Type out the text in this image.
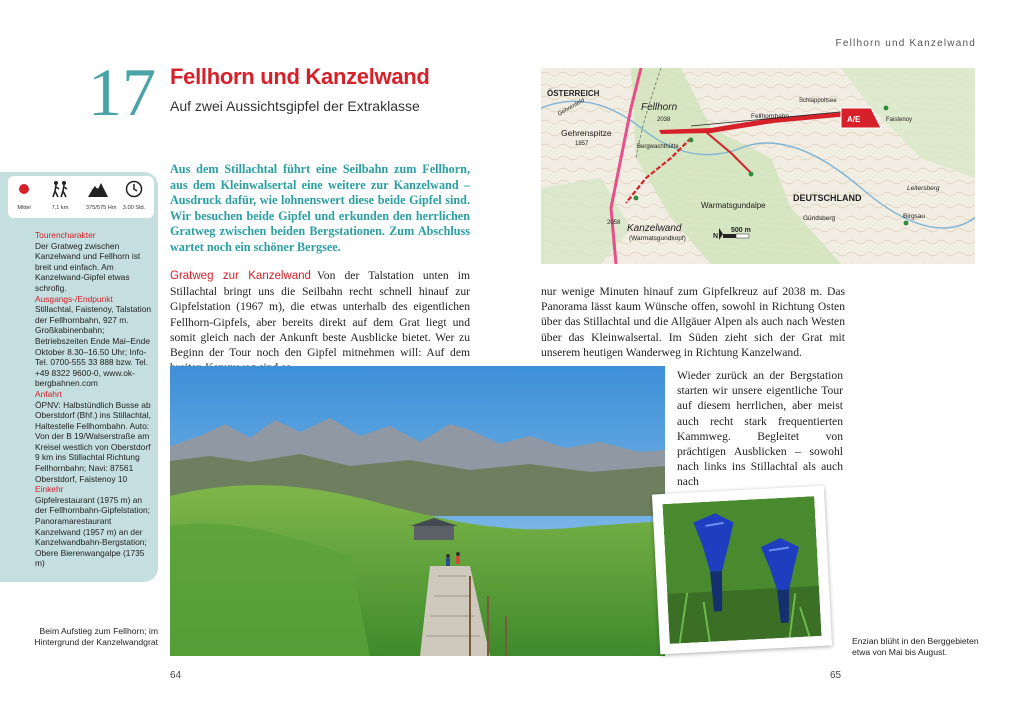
Fellhorn und Kanzelwand
17 Fellhorn und Kanzelwand
Auf zwei Aussichtsgipfel der Extraklasse
Mittel	7,1 km	375/575 Hm 3.00 Std.

Tourencharakter

Der Gratweg zwischen Kanzelwand und Fellhorn ist breit und einfach. Am Kanzelwand-Gipfel etwas schrofig.

Ausgangs-/Endpunkt

Stillachtal, Faistenoy, Talstation der Fellhornbahn, 927 m. Großkabinenbahn; Betriebszeiten Ende Mai–Ende Oktober 8.30–16.50 Uhr; Info-Tel. 0700-555 33 888 bzw. Tel. +49 8322 9600-0, www.ok-bergbahnen.com

Anfahrt

ÖPNV: Halbstündlich Busse ab Oberstdorf (Bhf.) ins Stillachtal, Haltestelle Fellhornbahn. Auto: Von der B 19/Walserstraße am Kreisel westlich von Oberstdorf 9 km ins Stillachtal Richtung Fellhornbahn; Navi: 87561 Oberstdorf, Faistenoy 10

Einkehr

Gipfelrestaurant (1975 m) an der Fellhornbahn-Gipfelstation; Panoramarestaurant Kanzelwand (1957 m) an der Kanzelwandbahn-Bergstation; Obere Bierenwangalpe (1735 m)

Aus dem Stillachtal führt eine Seilbahn zum Fellhorn, aus dem Kleinwalsertal eine weitere zur Kanzelwand – Ausdruck dafür, wie lohnenswert diese beide Gipfel sind. Wir besuchen beide Gipfel und erkunden den herrlichen Gratweg zwischen beiden Bergstationen. Zum Abschluss wartet noch ein schöner Bergsee.
Gratweg zur Kanzelwand Von der Talstation unten im Stillachtal bringt uns die Seilbahn recht schnell hinauf zur Gipfelstation (1967 m), die etwas unterhalb des eigentlichen Fellhorn-Gipfels, aber bereits direkt auf dem Grat liegt und somit gleich nach der Ankunft beste Ausblicke bietet. Wer zu Beginn der Tour noch den Gipfel mitnehmen will: Auf dem
nur wenige Minuten hinauf zum Gipfelkreuz auf 2038 m. Das Panorama lässt kaum Wünsche offen, sowohl in Richtung Osten über das Stillachtal und die Allgäuer Alpen als auch nach Westen über das Kleinwalsertal. Im Süden zieht sich der Grat mit unserem heutigen Wanderweg in Richtung Kanzelwand.
Wieder zurück an der Bergstation starten wir unsere eigentliche Tour auf diesem herrlichen, aber meist auch recht stark frequentierten Kammweg. Begleitet von prächtigen Ausblicken – sowohl nach links ins Stillachtal als auch nach
ÖSTERREICH
DEUTSCHLAND
Fellhorn
2038
Gehrenspitze
1857
Kanzelwand
(Warmatsgundkopf)
2058
Warmatsgundalpe
Fellhornbahn	Faistenoy
Bergwachthütte
Leitersberg
Gündsberg
Schlappoltsee
Birgsau
Gehrenfeld
N
500 m
A/E
Beim Aufstieg zum Fellhorn; im Hintergrund der Kanzelwandgrat	Enzian blüht in den Berggebieten etwa von Mai bis August.
64	65
